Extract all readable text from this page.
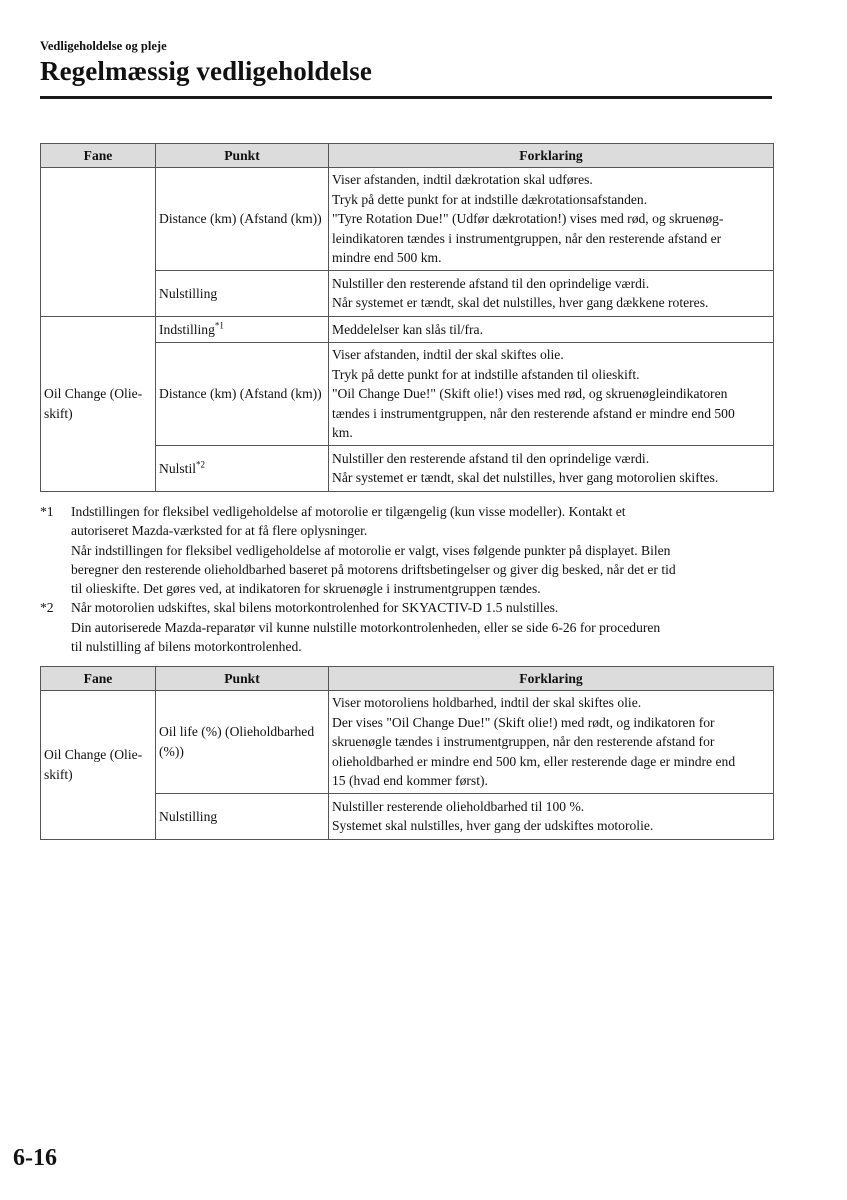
Vedligeholdelse og pleje
Regelmæssig vedligeholdelse
Fane	Punkt	Forklaring
	Distance (km) (Afstand (km))	Viser afstanden, indtil dækrotation skal udføres.
Tryk på dette punkt for at indstille dækrotationsafstanden.
"Tyre Rotation Due!" (Udfør dækrotation!) vises med rød, og skruenøg-
leindikatoren tændes i instrumentgruppen, når den resterende afstand er
mindre end 500 km.

	Nulstilling	Nulstiller den resterende afstand til den oprindelige værdi.
Når systemet er tændt, skal det nulstilles, hver gang dækkene roteres.

Oil Change (Olie-skift)	Indstilling$^{*1}$	Meddelelser kan slås til/fra.

	Distance (km) (Afstand (km))	Viser afstanden, indtil der skal skiftes olie.
Tryk på dette punkt for at indstille afstanden til olieskift.
"Oil Change Due!" (Skift olie!) vises med rød, og skruenøgleindikatoren
tændes i instrumentgruppen, når den resterende afstand er mindre end 500
km.

	Nulstil$^{*2}$	Nulstiller den resterende afstand til den oprindelige værdi.
Når systemet er tændt, skal det nulstilles, hver gang motorolien skiftes.
*1 Indstillingen for fleksibel vedligeholdelse af motorolie er tilgængelig (kun visse modeller). Kontakt et
autoriseret Mazda-værksted for at få flere oplysninger.
Når indstillingen for fleksibel vedligeholdelse af motorolie er valgt, vises følgende punkter på displayet. Bilen
beregner den resterende olieholdbarhed baseret på motorens driftsbetingelser og giver dig besked, når det er tid
til olieskifte. Det gøres ved, at indikatoren for skruenøgle i instrumentgruppen tændes.
*2 Når motorolien udskiftes, skal bilens motorkontrolenhed for SKYACTIV-D 1.5 nulstilles.
Din autoriserede Mazda-reparatør vil kunne nulstille motorkontrolenheden, eller se side 6-26 for proceduren
til nulstilling af bilens motorkontrolenhed.
Fane	Punkt	Forklaring
Oil Change (Olie-skift)	Oil life (%) (Olieholdbarhed (%))	Viser motoroliens holdbarhed, indtil der skal skiftes olie.
Der vises "Oil Change Due!" (Skift olie!) med rødt, og indikatoren for
skruenøgle tændes i instrumentgruppen, når den resterende afstand for
olieholdbarhed er mindre end 500 km, eller resterende dage er mindre end
15 (hvad end kommer først).

	Nulstilling	Nulstiller resterende olieholdbarhed til 100 %.
Systemet skal nulstilles, hver gang der udskiftes motorolie.
6-16
